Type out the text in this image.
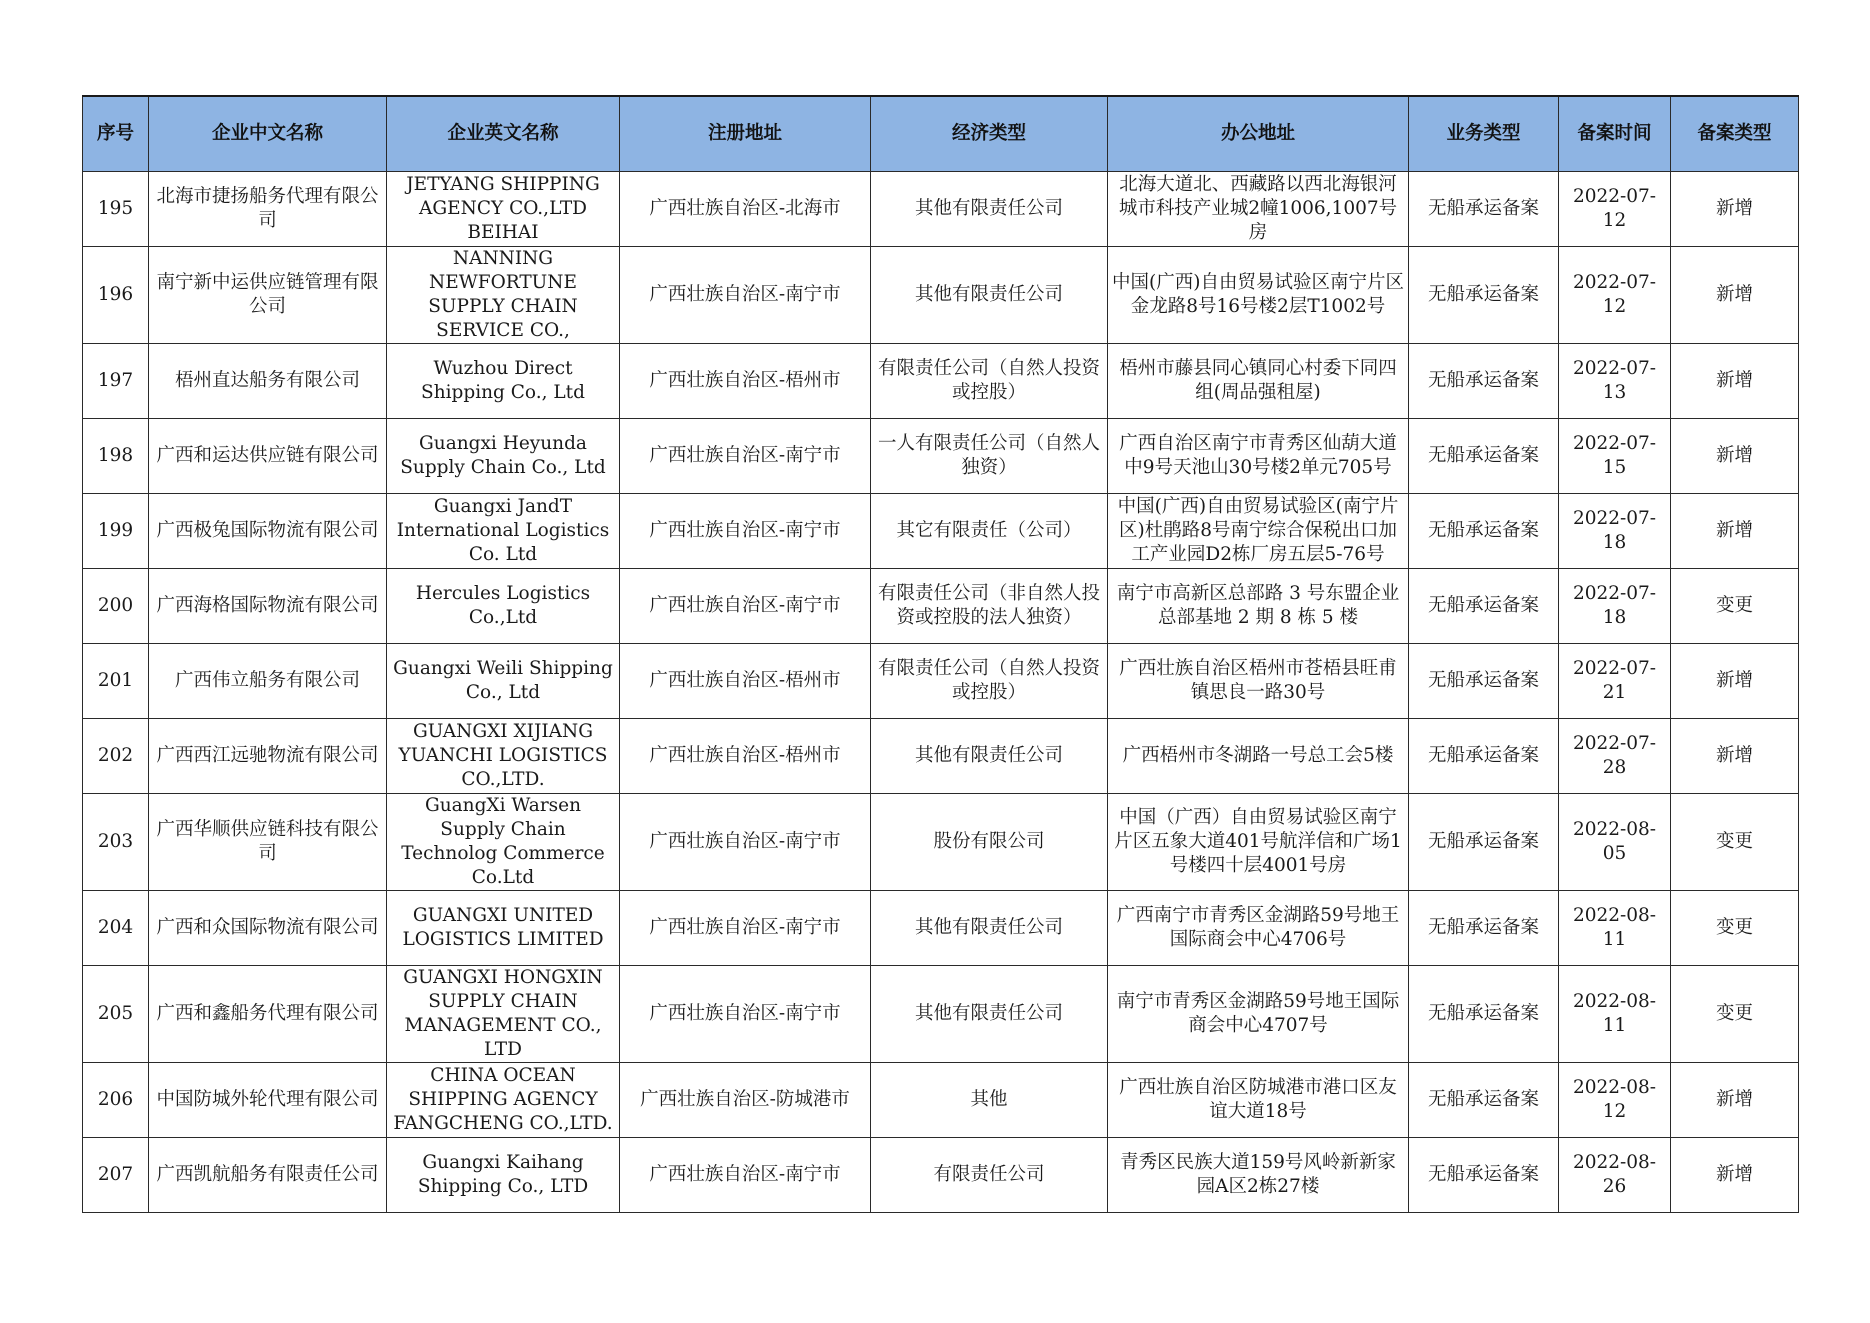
序号	企业中文名称	企业英文名称	注册地址	经济类型	办公地址	业务类型	备案时间	备案类型
195	北海市捷扬船务代理有限公司	JETYANG SHIPPING AGENCY CO.,LTD BEIHAI	广西壮族自治区-北海市	其他有限责任公司	北海大道北、西藏路以西北海银河城市科技产业城2幢1006,1007号房	无船承运备案	2022-07-12	新增
196	南宁新中运供应链管理有限公司	NANNING NEWFORTUNE SUPPLY CHAIN SERVICE CO.,	广西壮族自治区-南宁市	其他有限责任公司	中国(广西)自由贸易试验区南宁片区金龙路8号16号楼2层T1002号	无船承运备案	2022-07-12	新增
197	梧州直达船务有限公司	Wuzhou Direct Shipping Co., Ltd	广西壮族自治区-梧州市	有限责任公司（自然人投资或控股）	梧州市藤县同心镇同心村委下同四组(周品强租屋)	无船承运备案	2022-07-13	新增
198	广西和运达供应链有限公司	Guangxi Heyunda Supply Chain Co., Ltd	广西壮族自治区-南宁市	一人有限责任公司（自然人独资）	广西自治区南宁市青秀区仙葫大道中9号天池山30号楼2单元705号	无船承运备案	2022-07-15	新增
199	广西极兔国际物流有限公司	Guangxi JandT International Logistics Co. Ltd	广西壮族自治区-南宁市	其它有限责任（公司）	中国(广西)自由贸易试验区(南宁片区)杜鹃路8号南宁综合保税出口加工产业园D2栋厂房五层5-76号	无船承运备案	2022-07-18	新增
200	广西海格国际物流有限公司	Hercules Logistics Co.,Ltd	广西壮族自治区-南宁市	有限责任公司（非自然人投资或控股的法人独资）	南宁市高新区总部路 3 号东盟企业总部基地 2 期 8 栋 5 楼	无船承运备案	2022-07-18	变更
201	广西伟立船务有限公司	Guangxi Weili Shipping Co., Ltd	广西壮族自治区-梧州市	有限责任公司（自然人投资或控股）	广西壮族自治区梧州市苍梧县旺甫镇思良一路30号	无船承运备案	2022-07-21	新增
202	广西西江远驰物流有限公司	GUANGXI XIJIANG YUANCHI LOGISTICS CO.,LTD.	广西壮族自治区-梧州市	其他有限责任公司	广西梧州市冬湖路一号总工会5楼	无船承运备案	2022-07-28	新增
203	广西华顺供应链科技有限公司	GuangXi Warsen Supply Chain Technolog Commerce Co.Ltd	广西壮族自治区-南宁市	股份有限公司	中国（广西）自由贸易试验区南宁片区五象大道401号航洋信和广场1号楼四十层4001号房	无船承运备案	2022-08-05	变更
204	广西和众国际物流有限公司	GUANGXI UNITED LOGISTICS LIMITED	广西壮族自治区-南宁市	其他有限责任公司	广西南宁市青秀区金湖路59号地王国际商会中心4706号	无船承运备案	2022-08-11	变更
205	广西和鑫船务代理有限公司	GUANGXI HONGXIN SUPPLY CHAIN MANAGEMENT CO., LTD	广西壮族自治区-南宁市	其他有限责任公司	南宁市青秀区金湖路59号地王国际商会中心4707号	无船承运备案	2022-08-11	变更
206	中国防城外轮代理有限公司	CHINA OCEAN SHIPPING AGENCY FANGCHENG CO.,LTD.	广西壮族自治区-防城港市	其他	广西壮族自治区防城港市港口区友谊大道18号	无船承运备案	2022-08-12	新增
207	广西凯航船务有限责任公司	Guangxi Kaihang Shipping Co., LTD	广西壮族自治区-南宁市	有限责任公司	青秀区民族大道159号风岭新新家园A区2栋27楼	无船承运备案	2022-08-26	新增
